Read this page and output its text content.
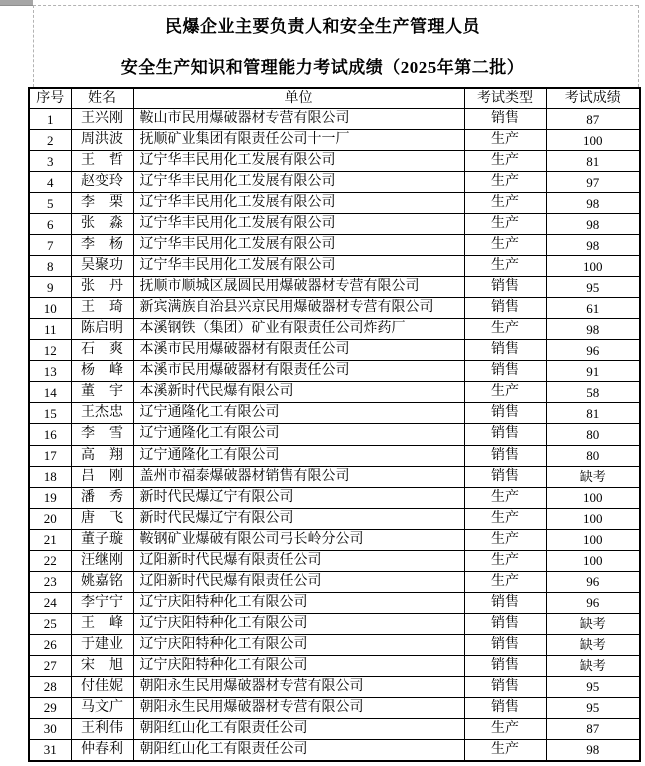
民爆企业主要负责人和安全生产管理人员
安全生产知识和管理能力考试成绩（2025年第二批）
序号	姓名	单位	考试类型	考试成绩
1	王兴刚	鞍山市民用爆破器材专营有限公司	销售	87
2	周洪波	抚顺矿业集团有限责任公司十一厂	生产	100
3	王　哲	辽宁华丰民用化工发展有限公司	生产	81
4	赵变玲	辽宁华丰民用化工发展有限公司	生产	97
5	李　栗	辽宁华丰民用化工发展有限公司	生产	98
6	张　淼	辽宁华丰民用化工发展有限公司	生产	98
7	李　杨	辽宁华丰民用化工发展有限公司	生产	98
8	吴聚功	辽宁华丰民用化工发展有限公司	生产	100
9	张　丹	抚顺市顺城区晟圆民用爆破器材专营有限公司	销售	95
10	王　琦	新宾满族自治县兴京民用爆破器材专营有限公司	销售	61
11	陈启明	本溪钢铁（集团）矿业有限责任公司炸药厂	生产	98
12	石　爽	本溪市民用爆破器材有限责任公司	销售	96
13	杨　峰	本溪市民用爆破器材有限责任公司	销售	91
14	董　宇	本溪新时代民爆有限公司	生产	58
15	王杰忠	辽宁通隆化工有限公司	销售	81
16	李　雪	辽宁通隆化工有限公司	销售	80
17	高　翔	辽宁通隆化工有限公司	销售	80
18	吕　刚	盖州市福泰爆破器材销售有限公司	销售	缺考
19	潘　秀	新时代民爆辽宁有限公司	生产	100
20	唐　飞	新时代民爆辽宁有限公司	生产	100
21	董子璇	鞍钢矿业爆破有限公司弓长岭分公司	生产	100
22	汪继刚	辽阳新时代民爆有限责任公司	生产	100
23	姚嘉铭	辽阳新时代民爆有限责任公司	生产	96
24	李宁宁	辽宁庆阳特种化工有限公司	销售	96
25	王　峰	辽宁庆阳特种化工有限公司	销售	缺考
26	于建业	辽宁庆阳特种化工有限公司	销售	缺考
27	宋　旭	辽宁庆阳特种化工有限公司	销售	缺考
28	付佳妮	朝阳永生民用爆破器材专营有限公司	销售	95
29	马文广	朝阳永生民用爆破器材专营有限公司	销售	95
30	王利伟	朝阳红山化工有限责任公司	生产	87
31	仲春利	朝阳红山化工有限责任公司	生产	98
